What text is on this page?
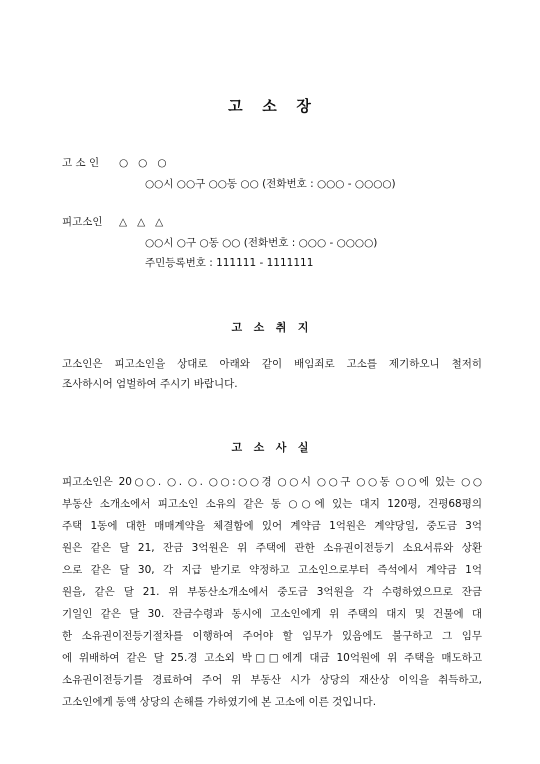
고   소   장
고 소 인 ○   ○   ○
○○시 ○○구 ○○동 ○○ (전화번호 : ○○○ - ○○○○)
피고소인 △   △   △
○○시 ○구 ○동 ○○ (전화번호 : ○○○ - ○○○○)
주민등록번호 : 111111 - 1111111
고   소   취   지
고소인은 피고소인을 상대로 아래와 같이 배임죄로 고소를 제기하오니 철저히
조사하시어 엄벌하여 주시기 바랍니다.
고   소   사   실
피고소인은 20○○. ○. ○. ○○:○○경 ○○시 ○○구 ○○동 ○○에 있는 ○○
부동산 소개소에서 피고소인 소유의 같은 동 ○○에 있는 대지 120평, 건평68평의
주택 1동에 대한 매매계약을 체결함에 있어 계약금 1억원은 계약당일, 중도금 3억
원은 같은 달 21, 잔금 3억원은 위 주택에 관한 소유권이전등기 소요서류와 상환
으로 같은 달 30, 각 지급 받기로 약정하고 고소인으로부터 즉석에서 계약금 1억
원을, 같은 달 21. 위 부동산소개소에서 중도금 3억원을 각 수령하였으므로 잔금
기일인 같은 달 30. 잔금수령과 동시에 고소인에게 위 주택의 대지 및 건물에 대
한 소유권이전등기절차를 이행하여 주어야 할 임무가 있음에도 불구하고 그 임무
에 위배하여 같은 달 25.경 고소외 박□□에게 대금 10억원에 위 주택을 매도하고
소유권이전등기를 경료하여 주어 위 부동산 시가 상당의 재산상 이익을 취득하고,
고소인에게 동액 상당의 손해를 가하였기에 본 고소에 이른 것입니다.
